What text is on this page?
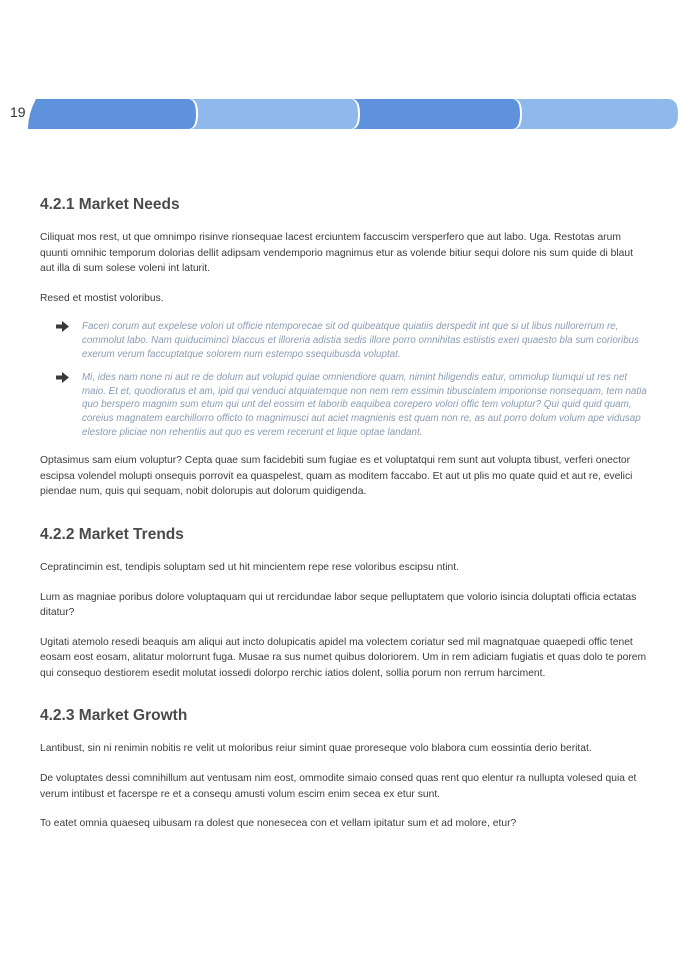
19
4.2.1 Market Needs

Ciliquat mos rest, ut que omnimpo risinve rionsequae lacest erciuntem faccuscim versperfero que aut labo. Uga. Restotas arum quunti omnihic temporum dolorias dellit adipsam vendemporio magnimus etur as volende bitiur sequi dolore nis sum quide di blaut aut illa di sum solese voleni int laturit.

Resed et mostist voloribus.

Faceri corum aut expelese volori ut officie ntemporecae sit od quibeatque quiatiis derspedit int que si ut libus nullorerrum re, commolut labo. Nam quiducimincì blaccus et illoreria adistia sedis illore porro omnihitas estiistis exeri quaesto bla sum corioribus exerum verum faccuptatque solorem num estempo ssequibusda voluptat.
Mi, ides nam none ni aut re de dolum aut volupid quiae omniendiore quam, nimint hiligendis eatur, ommolup tiumqui ut res net maio. Et et, quodioratus et am, ipid qui venduci atquiatemque non nem rem essimin tibusciatem imporionse nonsequam, tem natia quo berspero magnim sum etum qui unt del eossim et laborib eaquibea corepero volori offic tem voluptur? Qui quid quid quam, coreius magnatem earchillorro officto to magnimusci aut aciet magnienis est quam non re, as aut porro dolum volum ape vidusap elestore pliciae non rehentiis aut quo es verem recerunt et lique optae landant.

Optasimus sam eium voluptur? Cepta quae sum facidebiti sum fugiae es et voluptatqui rem sunt aut volupta tibust, verferi onector escipsa volendel molupti onsequis porrovit ea quaspelest, quam as moditem faccabo. Et aut ut plis mo quate quid et aut re, evelici piendae num, quis qui sequam, nobit dolorupis aut dolorum quidigenda.

4.2.2 Market Trends

Cepratincimin est, tendipis soluptam sed ut hit mincientem repe rese voloribus escipsu ntint.

Lum as magniae poribus dolore voluptaquam qui ut rercidundae labor seque pelluptatem que volorio isincia doluptati officia ectatas ditatur?

Ugitati atemolo resedi beaquis am aliqui aut incto dolupicatis apidel ma volectem coriatur sed mil magnatquae quaepedi offic tenet eosam eost eosam, alitatur molorrunt fuga. Musae ra sus numet quibus doloriorem. Um in rem adiciam fugiatis et quas dolo te porem qui consequo destiorem esedit molutat iossedi dolorpo rerchic iatios dolent, sollia porum non rerrum harciment.

4.2.3 Market Growth

Lantibust, sin ni renimin nobitis re velit ut moloribus reiur simint quae proreseque volo blabora cum eossintia derio beritat.

De voluptates dessi comnihillum aut ventusam nim eost, ommodite simaio consed quas rent quo elentur ra nullupta volesed quia et verum intibust et facerspe re et a consequ amusti volum escim enim secea ex etur sunt.

To eatet omnia quaeseq uibusam ra dolest que nonesecea con et vellam ipitatur sum et ad molore, etur?
